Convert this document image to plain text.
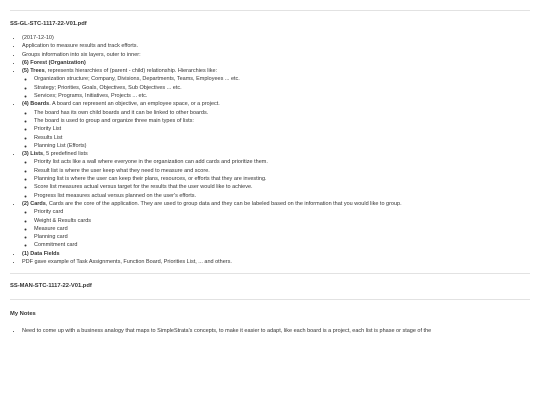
SS-GL-STC-1117-22-V01.pdf
• (2017-12-10)
• Application to measure results and track efforts.
• Groups information into six layers, outer to inner:
• (6) Forest (Organization)
• (5) Trees, represents hierarchies of (parent - child) relationship. Hierarchies like:
◦ Organization structure; Company, Divisions, Departments, Teams, Employees ... etc.
◦ Strategy; Priorities, Goals, Objectives, Sub Objectives ... etc.
◦ Services; Programs, Initiatives, Projects ... etc.
• (4) Boards. A board can represent an objective, an employee space, or a project.
◦ The board has its own child boards and it can be linked to other boards.
◦ The board is used to group and organize three main types of lists:
◦ Priority List
◦ Results List
◦ Planning List (Efforts)
• (3) Lists, 5 predefined lists
◦ Priority list acts like a wall where everyone in the organization can add cards and prioritize them.
◦ Result list is where the user keep what they need to measure and score.
◦ Planning list is where the user can keep their plans, resources, or efforts that they are investing.
◦ Score list measures actual versus target for the results that the user would like to achieve.
◦ Progress list measures actual versus planned on the user's efforts.
• (2) Cards, Cards are the core of the application. They are used to group data and they can be labeled based on the information that you would like to group.
◦ Priority card
◦ Weight & Results cards
◦ Measure card
◦ Planning card
◦ Commitment card
• (1) Data Fields
• PDF gave example of Task Assignments, Function Board, Priorities List, ... and others.
SS-MAN-STC-1117-22-V01.pdf
My Notes
• Need to come up with a business analogy that maps to SimpleStrata's concepts, to make it easier to adapt, like each board is a project, each list is phase or stage of the
